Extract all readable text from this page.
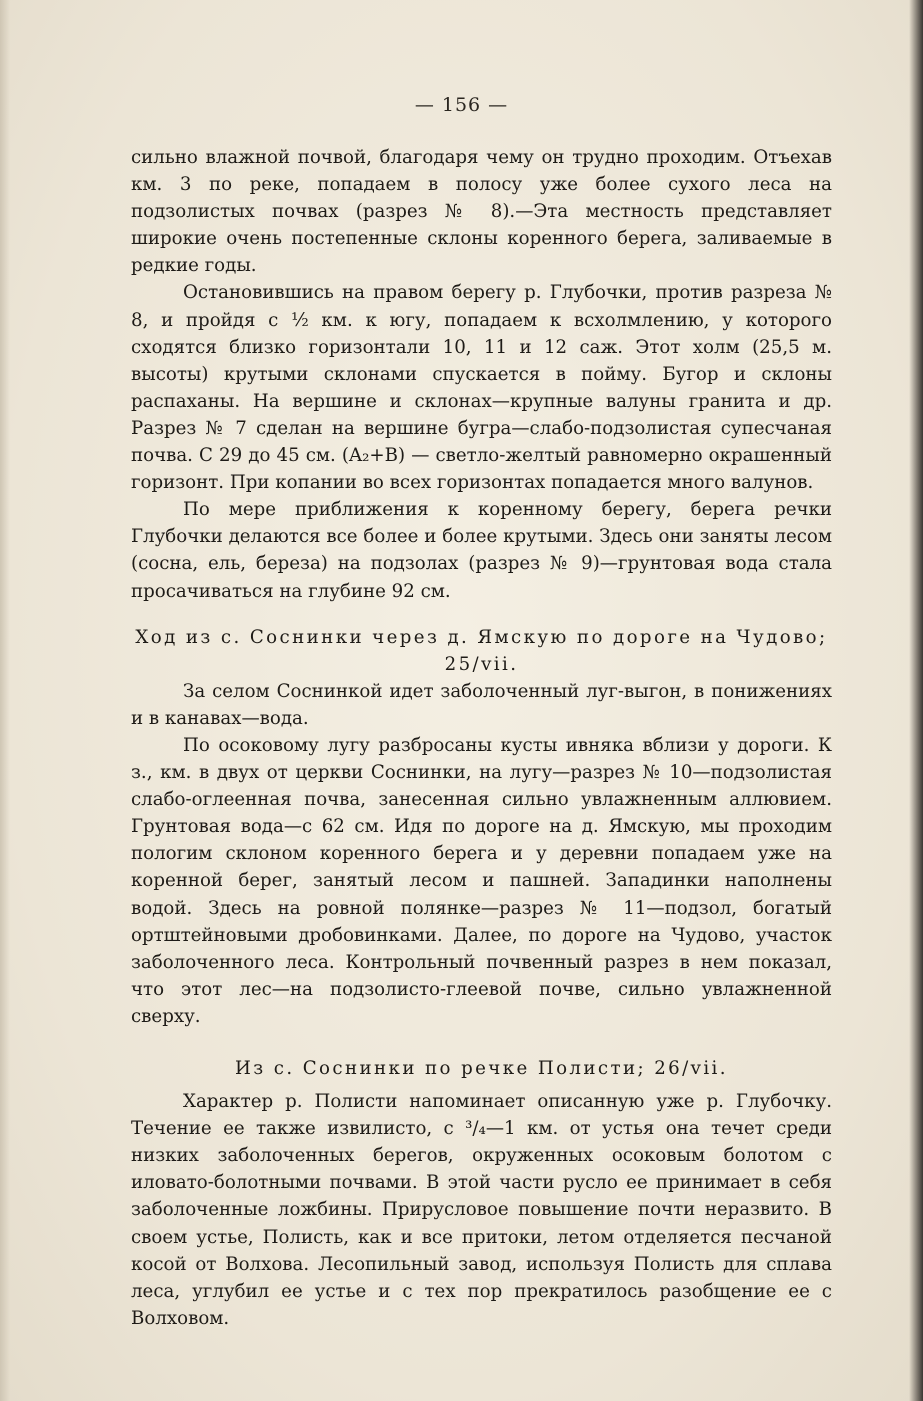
— 156 —

сильно влажной почвой, благодаря чему он трудно проходим. Отъехав км. 3 по реке, попадаем в полосу уже более сухого леса на подзолистых почвах (разрез № 8).—Эта местность представляет широкие очень постепенные склоны коренного берега, заливаемые в редкие годы.

Остановившись на правом берегу р. Глубочки, против разреза № 8, и пройдя с ½ км. к югу, попадаем к всхолмлению, у которого сходятся близко горизонтали 10, 11 и 12 саж. Этот холм (25,5 м. высоты) крутыми склонами спускается в пойму. Бугор и склоны распаханы. На вершине и склонах—крупные валуны гранита и др. Разрез № 7 сделан на вершине бугра—слабо-подзолистая супесчаная почва. С 29 до 45 см. (A₂+B) — светло-желтый равномерно окрашенный горизонт. При копании во всех горизонтах попадается много валунов.

По мере приближения к коренному берегу, берега речки Глубочки делаются все более и более крутыми. Здесь они заняты лесом (сосна, ель, береза) на подзолах (разрез № 9)—грунтовая вода стала просачиваться на глубине 92 см.

Ход из с. Соснинки через д. Ямскую по дороге на Чудово; 25/vii.

За селом Соснинкой идет заболоченный луг-выгон, в понижениях и в канавах—вода.

По осоковому лугу разбросаны кусты ивняка вблизи у дороги. К з., км. в двух от церкви Соснинки, на лугу—разрез № 10—подзолистая слабо-оглеенная почва, занесенная сильно увлажненным аллювием. Грунтовая вода—с 62 см. Идя по дороге на д. Ямскую, мы проходим пологим склоном коренного берега и у деревни попадаем уже на коренной берег, занятый лесом и пашней. Западинки наполнены водой. Здесь на ровной полянке—разрез № 11—подзол, богатый ортштейновыми дробовинками. Далее, по дороге на Чудово, участок заболоченного леса. Контрольный почвенный разрез в нем показал, что этот лес—на подзолисто-глеевой почве, сильно увлажненной сверху.

Из с. Соснинки по речке Полисти; 26/vii.

Характер р. Полисти напоминает описанную уже р. Глубочку. Течение ее также извилисто, с ³/₄—1 км. от устья она течет среди низких заболоченных берегов, окруженных осоковым болотом с иловато-болотными почвами. В этой части русло ее принимает в себя заболоченные ложбины. Прирусловое повышение почти неразвито. В своем устье, Полисть, как и все притоки, летом отделяется песчаной косой от Волхова. Лесопильный завод, используя Полисть для сплава леса, углубил ее устье и с тех пор прекратилось разобщение ее с Волховом.
